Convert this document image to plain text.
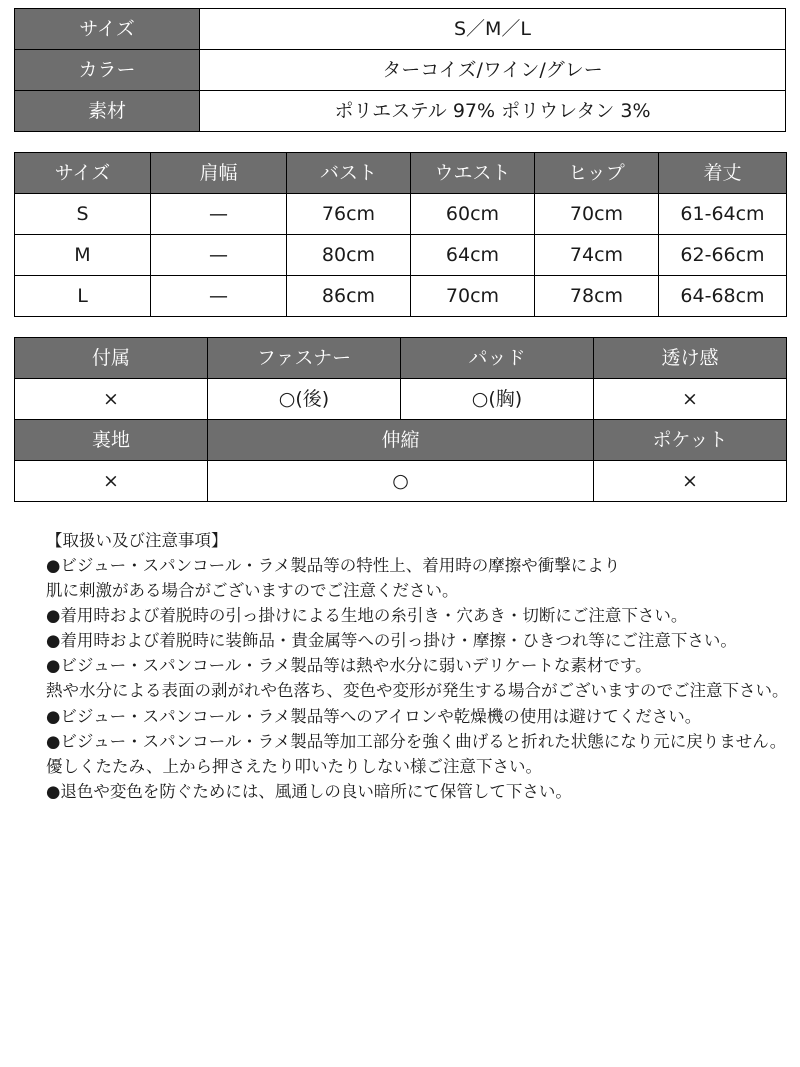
サイズ	S／M／L
カラー	ターコイズ/ワイン/グレー
素材	ポリエステル 97% ポリウレタン 3%
サイズ	肩幅	バスト	ウエスト	ヒップ	着丈
S	—	76cm	60cm	70cm	61-64cm
M	—	80cm	64cm	74cm	62-66cm
L	—	86cm	70cm	78cm	64-68cm
付属	ファスナー	パッド	透け感
×	○(後)	○(胸)	×
裏地	伸縮		ポケット
×	○		×
【取扱い及び注意事項】
●ビジュー・スパンコール・ラメ製品等の特性上、着用時の摩擦や衝撃により
肌に刺激がある場合がございますのでご注意ください。
●着用時および着脱時の引っ掛けによる生地の糸引き・穴あき・切断にご注意下さい。
●着用時および着脱時に装飾品・貴金属等への引っ掛け・摩擦・ひきつれ等にご注意下さい。
●ビジュー・スパンコール・ラメ製品等は熱や水分に弱いデリケートな素材です。
熱や水分による表面の剥がれや色落ち、変色や変形が発生する場合がございますのでご注意下さい。
●ビジュー・スパンコール・ラメ製品等へのアイロンや乾燥機の使用は避けてください。
●ビジュー・スパンコール・ラメ製品等加工部分を強く曲げると折れた状態になり元に戻りません。
優しくたたみ、上から押さえたり叩いたりしない様ご注意下さい。
●退色や変色を防ぐためには、風通しの良い暗所にて保管して下さい。
